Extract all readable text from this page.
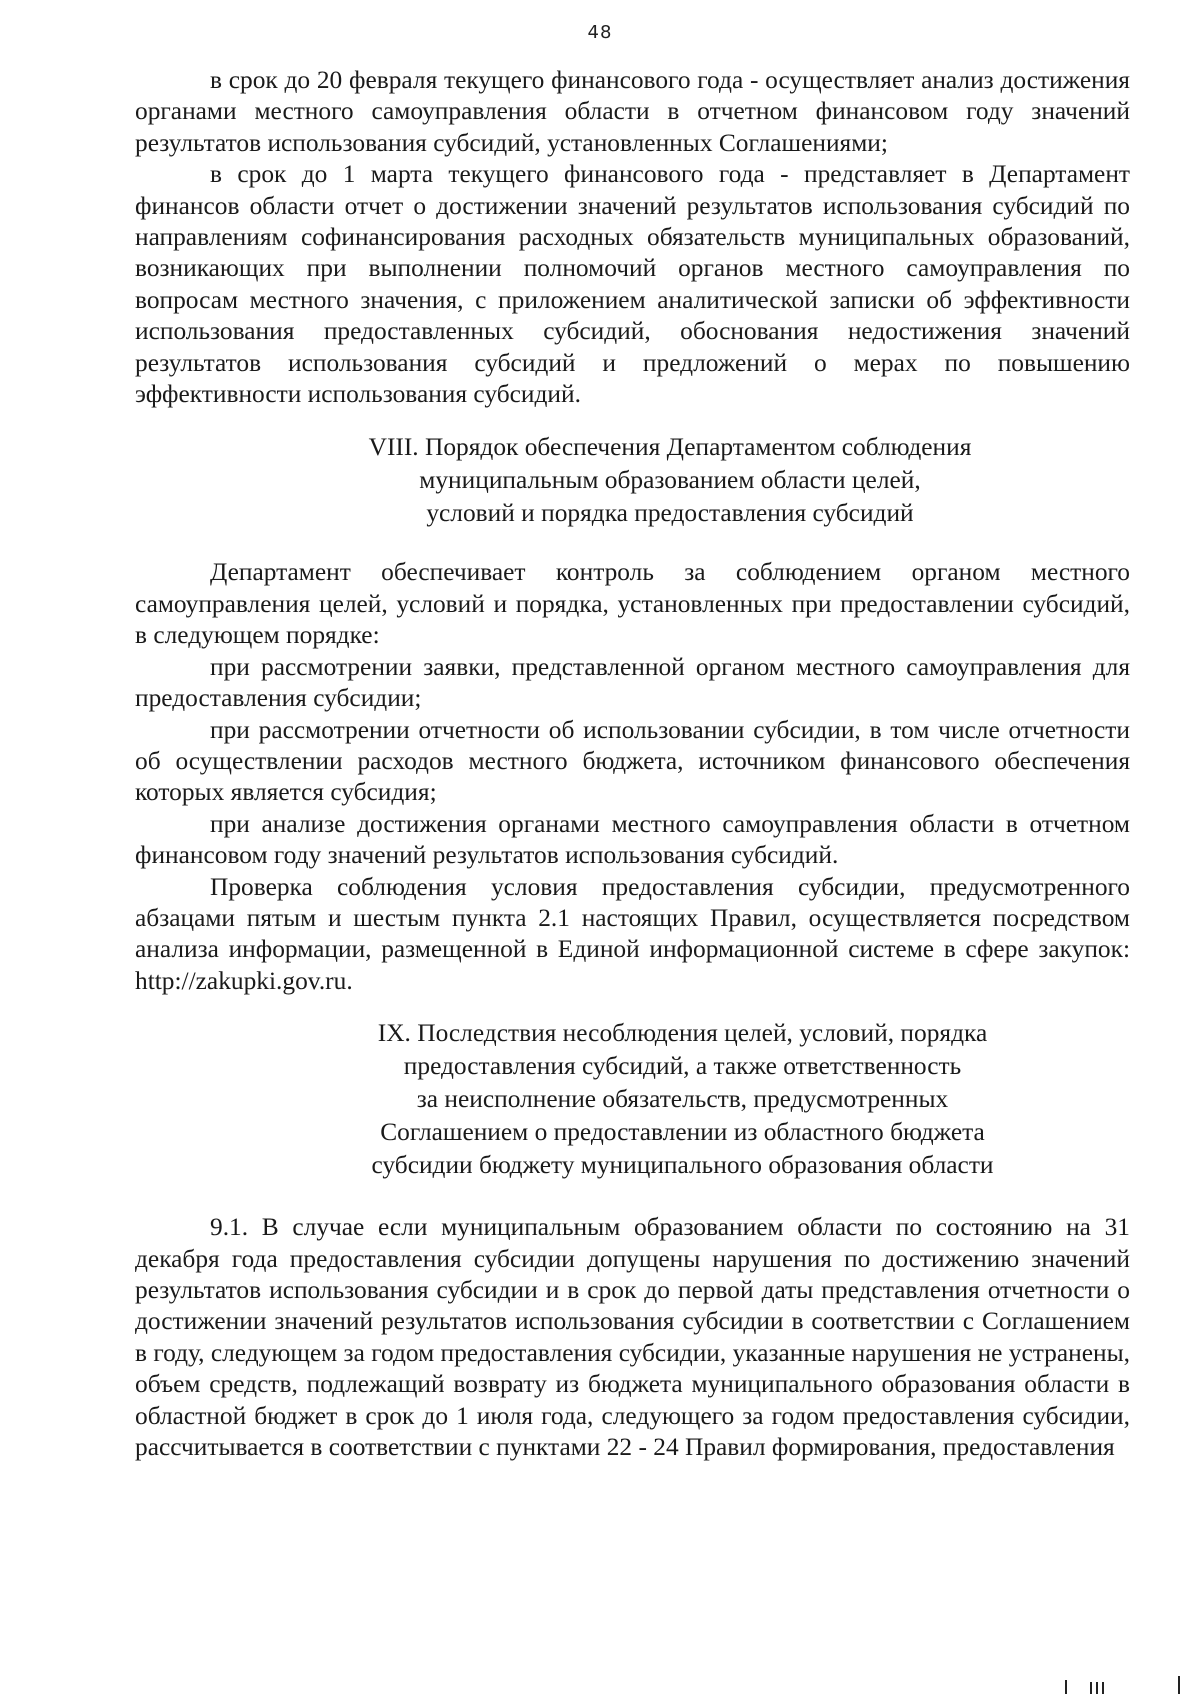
48

в срок до 20 февраля текущего финансового года - осуществляет анализ достижения органами местного самоуправления области в отчетном финансовом году значений результатов использования субсидий, установленных Соглашениями;

в срок до 1 марта текущего финансового года - представляет в Департамент финансов области отчет о достижении значений результатов использования субсидий по направлениям софинансирования расходных обязательств муниципальных образований, возникающих при выполнении полномочий органов местного самоуправления по вопросам местного значения, с приложением аналитической записки об эффективности использования предоставленных субсидий, обоснования недостижения значений результатов использования субсидий и предложений о мерах по повышению эффективности использования субсидий.

VIII. Порядок обеспечения Департаментом соблюдения
муниципальным образованием области целей,
условий и порядка предоставления субсидий

Департамент обеспечивает контроль за соблюдением органом местного самоуправления целей, условий и порядка, установленных при предоставлении субсидий, в следующем порядке:

при рассмотрении заявки, представленной органом местного самоуправления для предоставления субсидии;

при рассмотрении отчетности об использовании субсидии, в том числе отчетности об осуществлении расходов местного бюджета, источником финансового обеспечения которых является субсидия;

при анализе достижения органами местного самоуправления области в отчетном финансовом году значений результатов использования субсидий.

Проверка соблюдения условия предоставления субсидии, предусмотренного абзацами пятым и шестым пункта 2.1 настоящих Правил, осуществляется посредством анализа информации, размещенной в Единой информационной системе в сфере закупок: http://zakupki.gov.ru.

IX. Последствия несоблюдения целей, условий, порядка
предоставления субсидий, а также ответственность
за неисполнение обязательств, предусмотренных
Соглашением о предоставлении из областного бюджета
субсидии бюджету муниципального образования области

9.1. В случае если муниципальным образованием области по состоянию на 31 декабря года предоставления субсидии допущены нарушения по достижению значений результатов использования субсидии и в срок до первой даты представления отчетности о достижении значений результатов использования субсидии в соответствии с Соглашением в году, следующем за годом предоставления субсидии, указанные нарушения не устранены, объем средств, подлежащий возврату из бюджета муниципального образования области в областной бюджет в срок до 1 июля года, следующего за годом предоставления субсидии, рассчитывается в соответствии с пунктами 22 - 24 Правил формирования, предоставления
